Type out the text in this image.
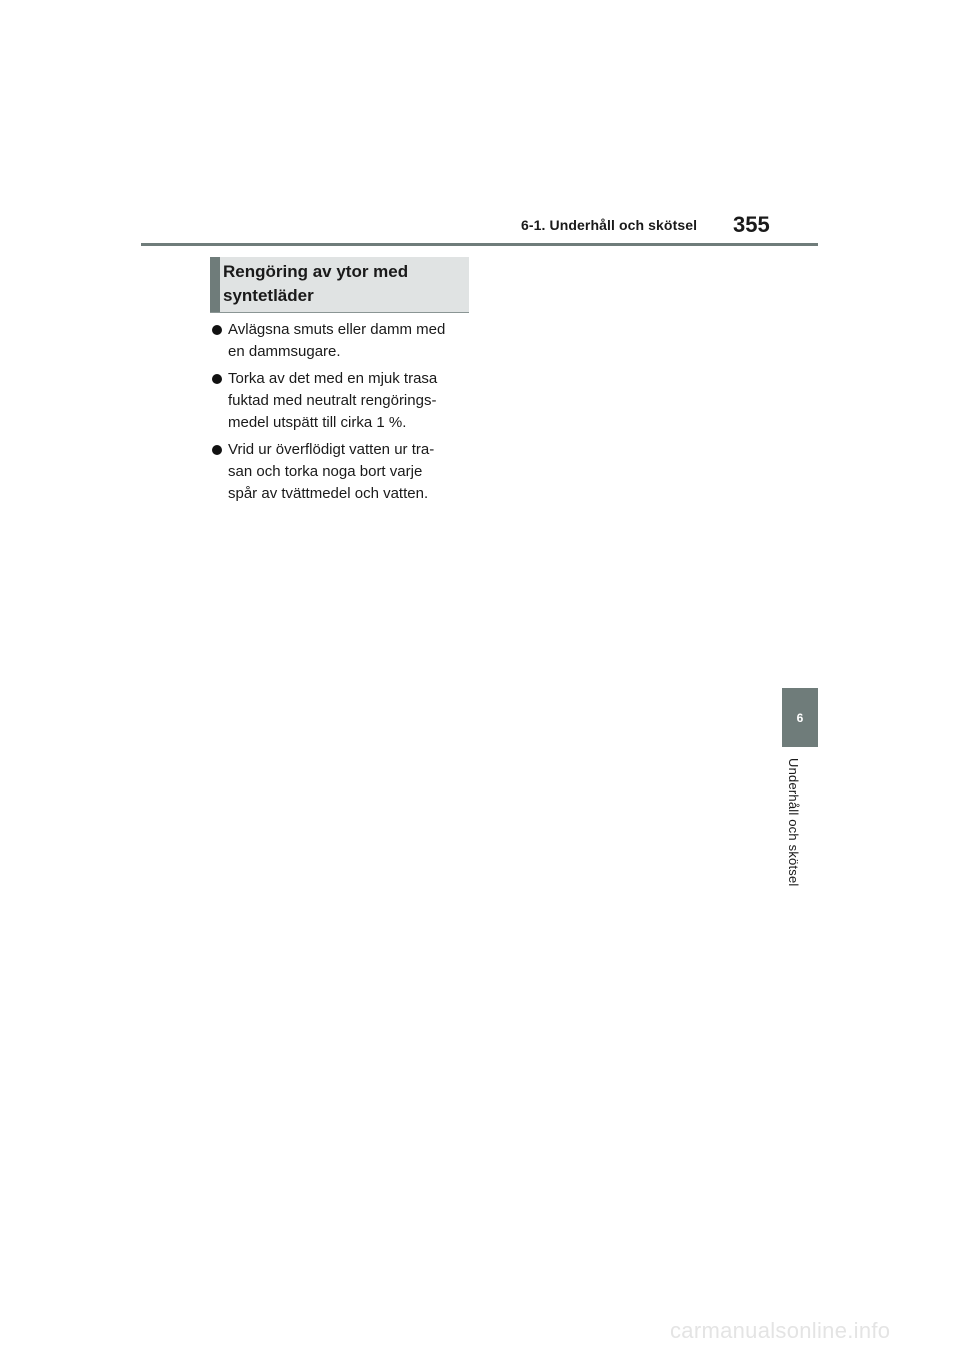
6-1. Underhåll och skötsel 355
6
Underhåll och skötsel
Rengöring av ytor med
syntetläder
Avlägsna smuts eller damm med
en dammsugare.
Torka av det med en mjuk trasa
fuktad med neutralt rengörings-
medel utspätt till cirka 1 %.
Vrid ur överflödigt vatten ur tra-
san och torka noga bort varje
spår av tvättmedel och vatten.
carmanualsonline.info
